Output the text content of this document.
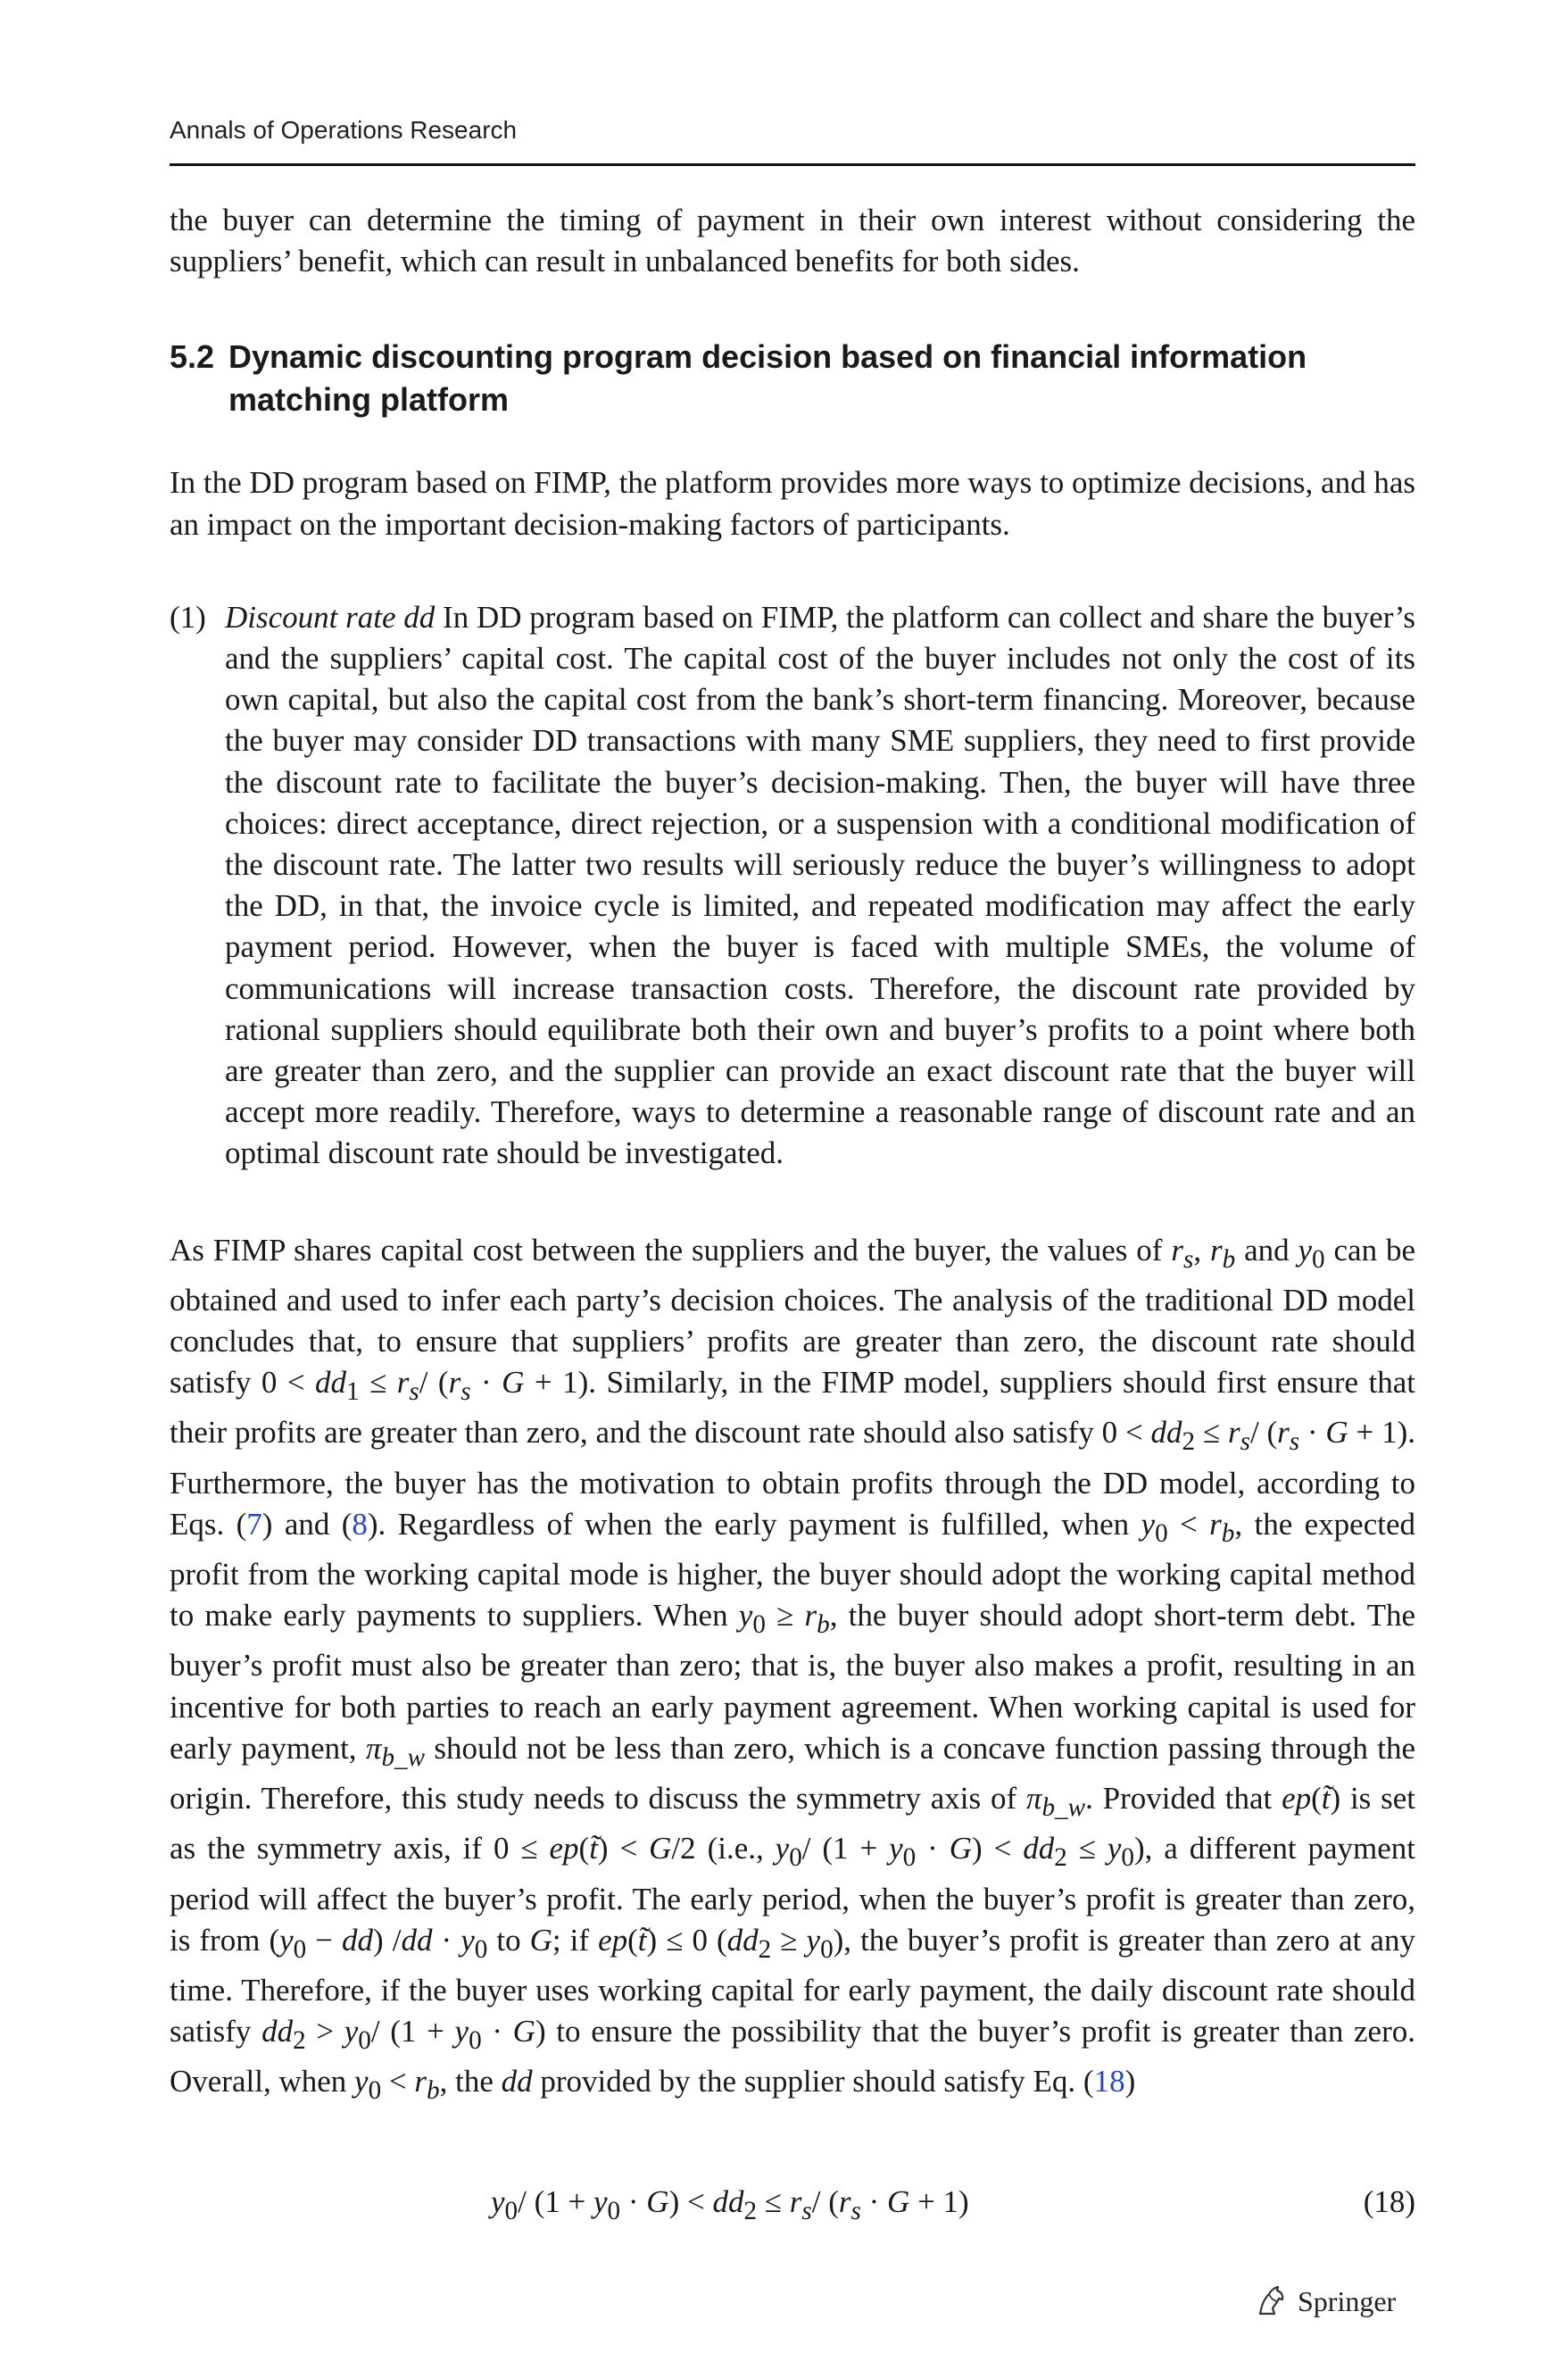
Annals of Operations Research

the buyer can determine the timing of payment in their own interest without considering the suppliers’ benefit, which can result in unbalanced benefits for both sides.

5.2 Dynamic discounting program decision based on financial information matching platform

In the DD program based on FIMP, the platform provides more ways to optimize decisions, and has an impact on the important decision-making factors of participants.

(1) Discount rate dd In DD program based on FIMP, the platform can collect and share the buyer’s and the suppliers’ capital cost. The capital cost of the buyer includes not only the cost of its own capital, but also the capital cost from the bank’s short-term financing. Moreover, because the buyer may consider DD transactions with many SME suppliers, they need to first provide the discount rate to facilitate the buyer’s decision-making. Then, the buyer will have three choices: direct acceptance, direct rejection, or a suspension with a conditional modification of the discount rate. The latter two results will seriously reduce the buyer’s willingness to adopt the DD, in that, the invoice cycle is limited, and repeated modification may affect the early payment period. However, when the buyer is faced with multiple SMEs, the volume of communications will increase transaction costs. Therefore, the discount rate provided by rational suppliers should equilibrate both their own and buyer’s profits to a point where both are greater than zero, and the supplier can provide an exact discount rate that the buyer will accept more readily. Therefore, ways to determine a reasonable range of discount rate and an optimal discount rate should be investigated.

As FIMP shares capital cost between the suppliers and the buyer, the values of $r_s$, $r_b$ and $y_0$ can be obtained and used to infer each party’s decision choices. The analysis of the traditional DD model concludes that, to ensure that suppliers’ profits are greater than zero, the discount rate should satisfy $0 < dd_1 \le r_s/$ $(r_s \cdot G + 1)$. Similarly, in the FIMP model, suppliers should first ensure that their profits are greater than zero, and the discount rate should also satisfy $0 < dd_2 \le r_s/$ $(r_s \cdot G + 1)$. Furthermore, the buyer has the motivation to obtain profits through the DD model, according to Eqs. (7) and (8). Regardless of when the early payment is fulfilled, when $y_0 < r_b$, the expected profit from the working capital mode is higher, the buyer should adopt the working capital method to make early payments to suppliers. When $y_0 \ge r_b$, the buyer should adopt short-term debt. The buyer’s profit must also be greater than zero; that is, the buyer also makes a profit, resulting in an incentive for both parties to reach an early payment agreement. When working capital is used for early payment, $\pi_{b\_w}$ should not be less than zero, which is a concave function passing through the origin. Therefore, this study needs to discuss the symmetry axis of $\pi_{b\_w}$. Provided that ep(t̃) is set as the symmetry axis, if 0 ≤ ep(t̃) < G/2 (i.e., $y_0/$ $(1 + y_0 \cdot G) < dd_2 \le y_0$), a different payment period will affect the buyer’s profit. The early period, when the buyer’s profit is greater than zero, is from $(y_0 - dd) /dd \cdot y_0$ to G; if ep(t̃) ≤ 0 $(dd_2 \ge y_0)$, the buyer’s profit is greater than zero at any time. Therefore, if the buyer uses working capital for early payment, the daily discount rate should satisfy $dd_2 > y_0/$ $(1 + y_0 \cdot G)$ to ensure the possibility that the buyer’s profit is greater than zero. Overall, when $y_0 < r_b$, the dd provided by the supplier should satisfy Eq. (18)

$y_0/$ $(1 + y_0 \cdot G) < dd_2 \le r_s/$ $(r_s \cdot G + 1)$	(18)
Springer
